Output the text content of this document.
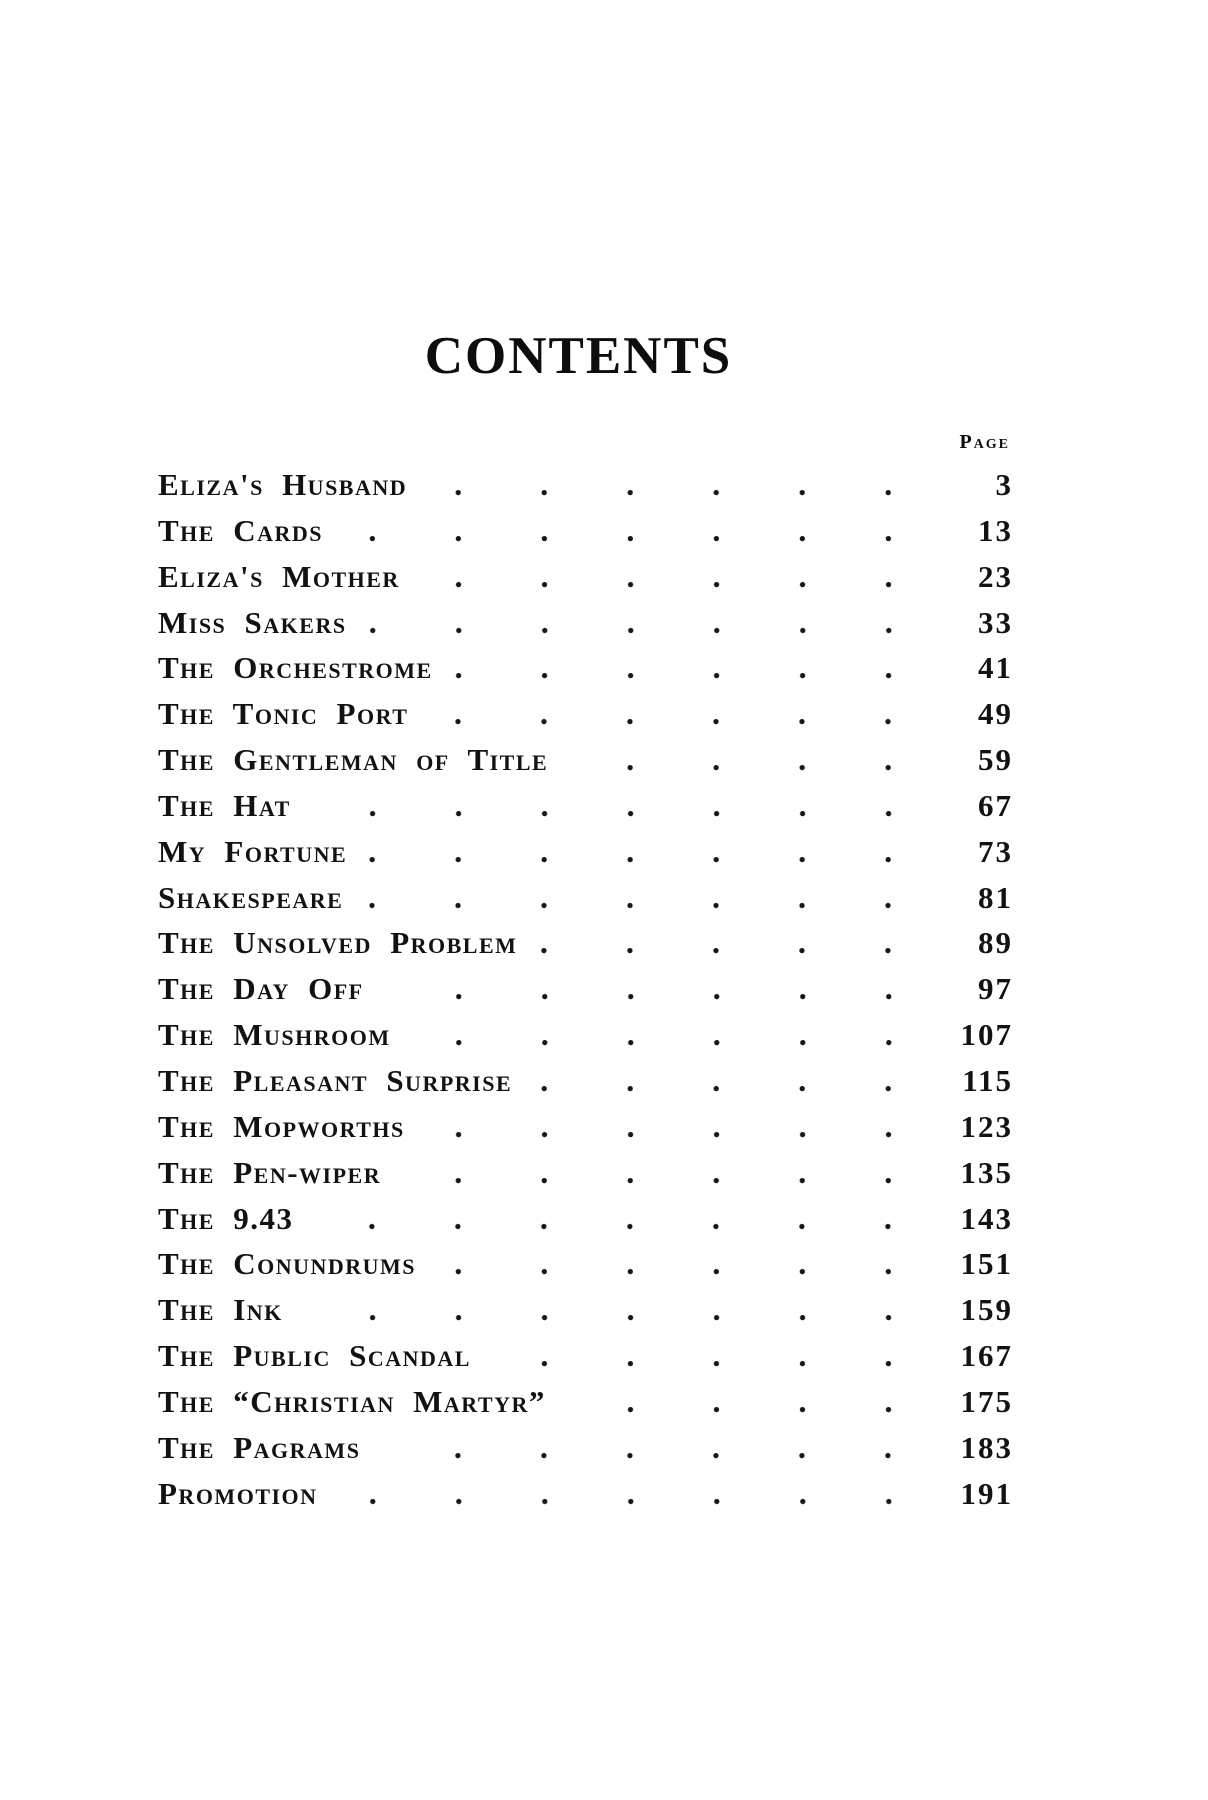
CONTENTS
Page
Eliza's Husband	3
The Cards	13
Eliza's Mother	23
Miss Sakers	33
The Orchestrome	41
The Tonic Port	49
The Gentleman of Title	59
The Hat	67
My Fortune	73
Shakespeare	81
The Unsolved Problem	89
The Day Off	97
The Mushroom	107
The Pleasant Surprise	115
The Mopworths	123
The Pen-wiper	135
The 9.43	143
The Conundrums	151
The Ink	159
The Public Scandal	167
The “Christian Martyr”	175
The Pagrams	183
Promotion	191
